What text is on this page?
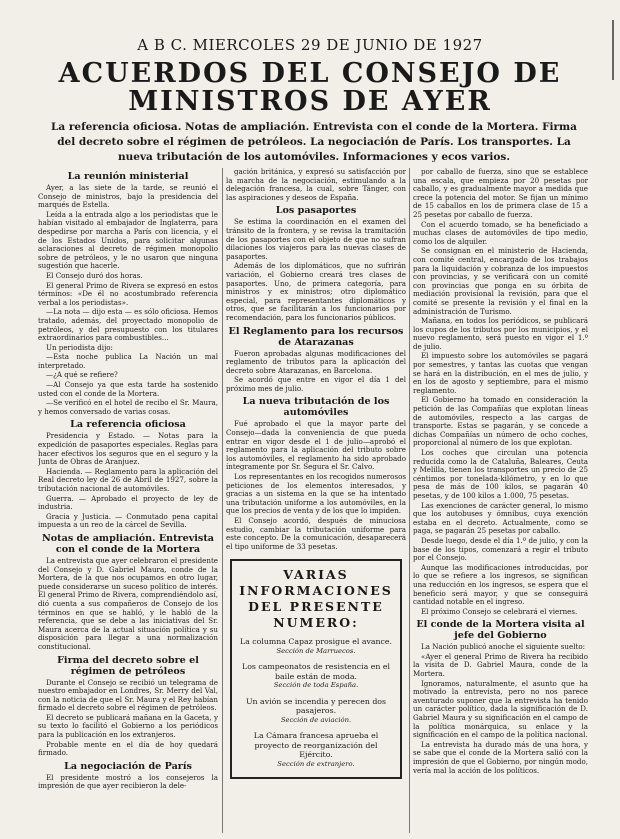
A B C. MIERCOLES 29 DE JUNIO DE 1927
ACUERDOS DEL CONSEJO DE MINISTROS DE AYER
La referencia oficiosa. Notas de ampliación. Entrevista con el conde de la Mortera. Firma del decreto sobre el régimen de petróleos. La negociación de París. Los transportes. La nueva tributación de los automóviles. Informaciones y ecos varios.
La reunión ministerial

Ayer, a las siete de la tarde, se reunió el Consejo de ministros, bajo la presidencia del marqués de Estella.

Leída a la entrada algo a los periodistas que le habían visitado al embajador de Inglaterra, para despedirse por marcha a París con licencia, y el de los Estados Unidos, para solicitar algunas aclaraciones al decreto de régimen monopolio sobre de petróleos, y le no usaron que ninguna sugestión que hacerle.

El Consejo duró dos horas.

El general Primo de Rivera se expresó en estos términos: «De él no acostumbrado referencia verbal a los periodistas».

—La nota — dijo esta — es sólo oficiosa. Hemos tratado, además, del proyectado monopolio de petróleos, y del presupuesto con los titulares extraordinarios para combustibles...

Un periodista dijo:

—Esta noche publica La Nación un mal interpretado.

—¿A qué se refiere?

—Al Consejo ya que esta tarde ha sostenido usted con el conde de la Mortera.

—Se verificó en el hotel de recibo el Sr. Maura, y hemos conversado de varias cosas.

La referencia oficiosa

Presidencia y Estado. — Notas para la expedición de pasaportes especiales. Reglas para hacer efectivos los seguros que en el seguro y la Junta de Obras de Aranjuez.

Hacienda. — Reglamento para la aplicación del Real decreto ley de 26 de Abril de 1927, sobre la tributación nacional de automóviles.

Guerra. — Aprobado el proyecto de ley de industria.

Gracia y Justicia. — Conmutado pena capital impuesta a un reo de la cárcel de Sevilla.

Notas de ampliación. Entrevista con el conde de la Mortera

La entrevista que ayer celebraron el presidente del Consejo y D. Gabriel Maura, conde de la Mortera, de la que nos ocupamos en otro lugar, puede considerarse un suceso político de interés. El general Primo de Rivera, comprendiéndolo así, dió cuenta a sus compañeros de Consejo de los términos en que se habló, y le habló de la referencia, que se debe a las iniciativas del Sr. Maura acerca de la actual situación política y su disposición para llegar a una normalización constitucional.

Firma del decreto sobre el régimen de petróleos

Durante el Consejo se recibió un telegrama de nuestro embajador en Londres, Sr. Merry del Val, con la noticia de que el Sr. Maura y el Rey habían firmado el decreto sobre el régimen de petróleos.

El decreto se publicará mañana en la Gaceta, y su texto lo facilitó el Gobierno a los periódicos para la publicación en los extranjeros.

Probable mente en el día de hoy quedará firmado.

La negociación de París

El presidente mostró a los consejeros la impresión de que ayer recibieron la dele-

gación británica, y expresó su satisfacción por la marcha de la negociación, estimulando a la delegación francesa, la cual, sobre Tánger, con las aspiraciones y deseos de España.

Los pasaportes

Se estima la coordinación en el examen del tránsito de la frontera, y se revisa la tramitación de los pasaportes con el objeto de que no sufran dilaciones los viajeros para las nuevas clases de pasaportes.

Además de los diplomáticos, que no sufrirán variación, el Gobierno creará tres clases de pasaportes. Uno, de primera categoría, para ministros y ex ministros; otro diplomático especial, para representantes diplomáticos y otros, que se facilitarán a los funcionarios por recomendación, para los funcionarios públicos.

El Reglamento para los recursos de Atarazanas

Fueron aprobadas algunas modificaciones del reglamento de tributos para la aplicación del decreto sobre Atarazanas, en Barcelona.

Se acordó que entre en vigor el día 1 del próximo mes de julio.

La nueva tributación de los automóviles

Fué aprobado el que la mayor parte del Consejo—dada la conveniencia de que pueda entrar en vigor desde el 1 de julio—aprobó el reglamento para la aplicación del tributo sobre los automóviles, el reglamento ha sido aprobado íntegramente por Sr. Segura el Sr. Calvo.

Los representantes en los recogidos numerosos peticiones de los elementos interesados, y gracias a un sistema en la que se ha intentado una tributación uniforme a los automóviles, en la que los precios de venta y de los que lo impiden.

El Consejo acordó, después de minuciosa estudio, cambiar la tributación uniforme para este concepto. De la comunicación, desaparecerá el tipo uniforme de 33 pesetas.

VARIAS INFORMACIONES DEL PRESENTE NUMERO:
La columna Capaz prosigue el avance.
Sección de Marruecos.
Los campeonatos de resistencia en el baile están de moda.
Sección de toda España.
Un avión se incendia y perecen dos pasajeros.
Sección de aviación.
La Cámara francesa aprueba el proyecto de reorganización del Ejército.
Sección de extranjero.

por caballo de fuerza, sino que se establece una escala, que empieza por 20 pesetas por caballo, y es gradualmente mayor a medida que crece la potencia del motor. Se fijan un mínimo de 15 caballos en los de primera clase de 15 a 25 pesetas por caballo de fuerza.

Con el acuerdo tomado, se ha beneficiado a muchas clases de automóviles de tipo medio, como los de alquiler.

Se consignan en el ministerio de Hacienda, con comité central, encargado de los trabajos para la liquidación y cobranza de los impuestos con provincias, y se verificará con un comité con provincias que ponga en su órbita de mediación provisional la revisión, para que el comité se presente la revisión y el final en la administración de Turismo.

Mañana, en todos los periódicos, se publicará los cupos de los tributos por los municipios, y el nuevo reglamento, será puesto en vigor el 1.º de julio.

El impuesto sobre los automóviles se pagará por semestres, y tantas las cuotas que vengan se hará en la distribución, en el mes de julio, y en los de agosto y septiembre, para el mismo reglamento.

El Gobierno ha tomado en consideración la petición de las Compañías que explotan líneas de automóviles, respecto a las cargas de transporte. Estas se pagarán, y se concede a dichas Compañías un número de ocho coches, proporcional al número de los que explotan.

Los coches que circulan una potencia reducida como la de Cataluña, Baleares, Ceuta y Melilla, tienen los transportes un precio de 25 céntimos por tonelada-kilómetro, y en lo que pesa de más de 100 kilos, se pagarán 40 pesetas, y de 100 kilos a 1.000, 75 pesetas.

Las exenciones de carácter general, lo mismo que los autobuses y ómnibus, cuya exención estaba en el decreto. Actualmente, como se paga, se pagarán 25 pesetas por caballo.

Desde luego, desde el día 1.º de julio, y con la base de los tipos, comenzará a regir el tributo por el Consejo.

Aunque las modificaciones introducidas, por lo que se refiere a los ingresos, se significan una reducción en los ingresos, se espera que el beneficio será mayor, y que se conseguirá cantidad notable en el ingreso.

El próximo Consejo se celebrará el viernes.

El conde de la Mortera visita al jefe del Gobierno

La Nación publicó anoche el siguiente suelto:

«Ayer el general Primo de Rivera ha recibido la visita de D. Gabriel Maura, conde de la Mortera.

Ignoramos, naturalmente, el asunto que ha motivado la entrevista, pero no nos parece aventurado suponer que la entrevista ha tenido un carácter político, dada la significación de D. Gabriel Maura y su significación en el campo de la política monárquica, su enlace y la significación en el campo de la política nacional.

La entrevista ha durado más de una hora, y se sabe que el conde de la Mortera salió con la impresión de que el Gobierno, por ningún modo, vería mal la acción de los políticos.
